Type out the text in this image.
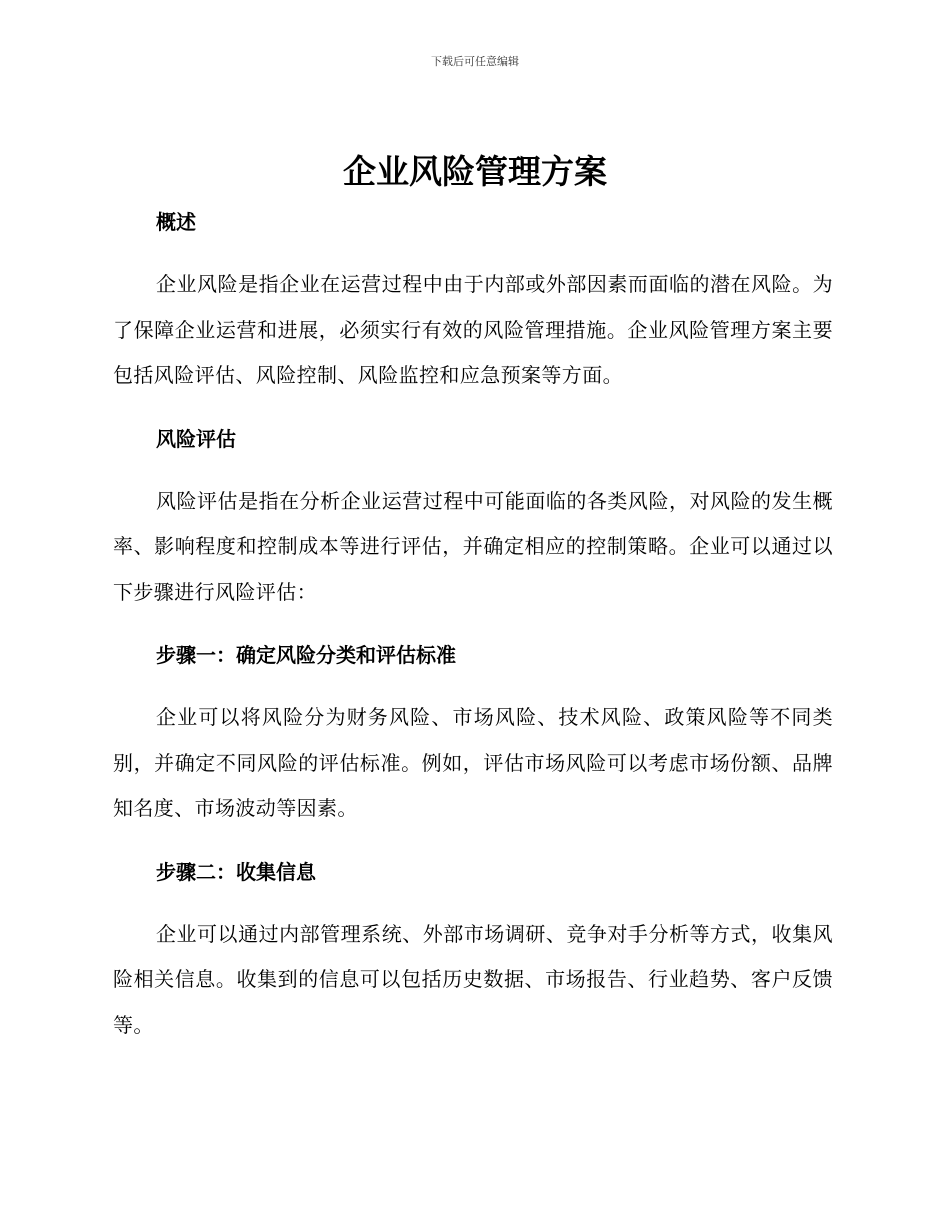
下载后可任意编辑
企业风险管理方案
概述

企业风险是指企业在运营过程中由于内部或外部因素而面临的潜在风险。为了保障企业运营和进展，必须实行有效的风险管理措施。企业风险管理方案主要包括风险评估、风险控制、风险监控和应急预案等方面。

风险评估

风险评估是指在分析企业运营过程中可能面临的各类风险，对风险的发生概率、影响程度和控制成本等进行评估，并确定相应的控制策略。企业可以通过以下步骤进行风险评估：

步骤一：确定风险分类和评估标准

企业可以将风险分为财务风险、市场风险、技术风险、政策风险等不同类别，并确定不同风险的评估标准。例如，评估市场风险可以考虑市场份额、品牌知名度、市场波动等因素。

步骤二：收集信息

企业可以通过内部管理系统、外部市场调研、竞争对手分析等方式，收集风险相关信息。收集到的信息可以包括历史数据、市场报告、行业趋势、客户反馈等。
